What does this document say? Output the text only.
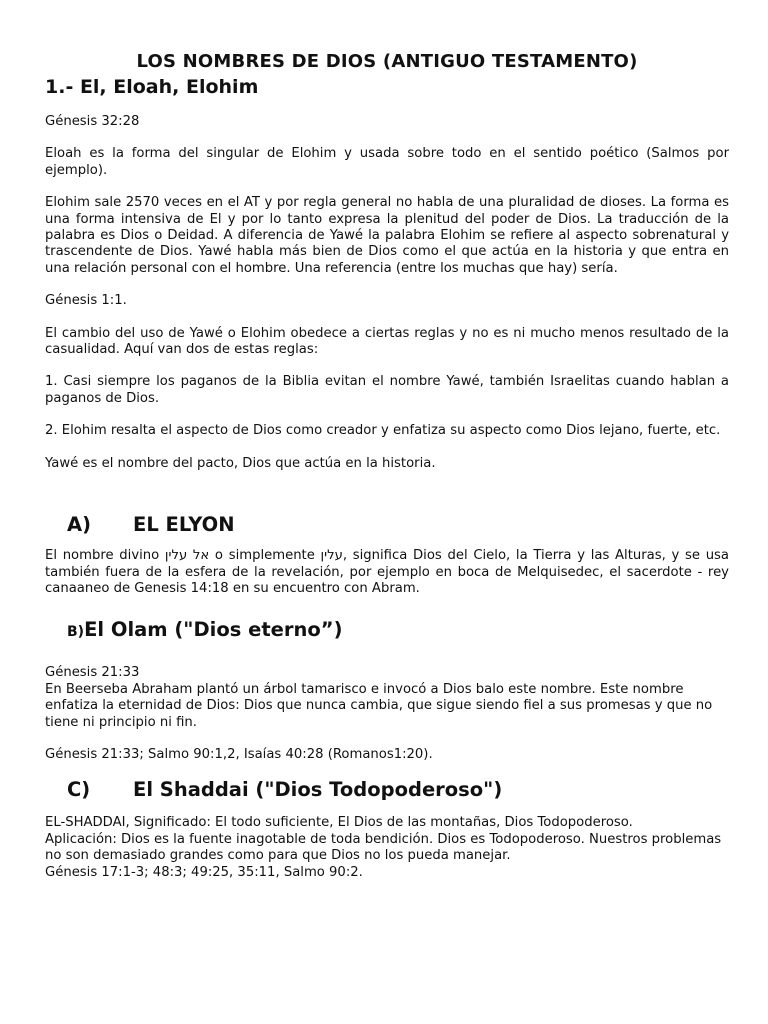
LOS NOMBRES DE DIOS (ANTIGUO TESTAMENTO)
1.- El, Eloah, Elohim

Génesis 32:28

Eloah es la forma del singular de Elohim y usada sobre todo en el sentido poético (Salmos por ejemplo).

Elohim sale 2570 veces en el AT y por regla general no habla de una pluralidad de dioses. La forma es una forma intensiva de El y por lo tanto expresa la plenitud del poder de Dios. La traducción de la palabra es Dios o Deidad. A diferencia de Yawé la palabra Elohim se refiere al aspecto sobrenatural y trascendente de Dios. Yawé habla más bien de Dios como el que actúa en la historia y que entra en una relación personal con el hombre. Una referencia (entre los muchas que hay) sería.

Génesis 1:1.

El cambio del uso de Yawé o Elohim obedece a ciertas reglas y no es ni mucho menos resultado de la casualidad. Aquí van dos de estas reglas:

1. Casi siempre los paganos de la Biblia evitan el nombre Yawé, también Israelitas cuando hablan a paganos de Dios.

2. Elohim resalta el aspecto de Dios como creador y enfatiza su aspecto como Dios lejano, fuerte, etc.

Yawé es el nombre del pacto, Dios que actúa en la historia.

A)	EL ELYON

El nombre divino אל עלין o simplemente עלין, significa Dios del Cielo, la Tierra y las Alturas, y se usa también fuera de la esfera de la revelación, por ejemplo en boca de Melquisedec, el sacerdote - rey canaaneo de Genesis 14:18 en su encuentro con Abram.

B) El Olam ("Dios eterno”)
Génesis 21:33
En Beerseba Abraham plantó un árbol tamarisco e invocó a Dios balo este nombre. Este nombre enfatiza la eternidad de Dios: Dios que nunca cambia, que sigue siendo fiel a sus promesas y que no tiene ni principio ni fin.

Génesis 21:33; Salmo 90:1,2, Isaías 40:28 (Romanos1:20).

C)	El Shaddai ("Dios Todopoderoso")
EL-SHADDAI, Significado: El todo suficiente, El Dios de las montañas, Dios Todopoderoso.
Aplicación: Dios es la fuente inagotable de toda bendición. Dios es Todopoderoso. Nuestros problemas no son demasiado grandes como para que Dios no los pueda manejar.
Génesis 17:1-3; 48:3; 49:25, 35:11, Salmo 90:2.
